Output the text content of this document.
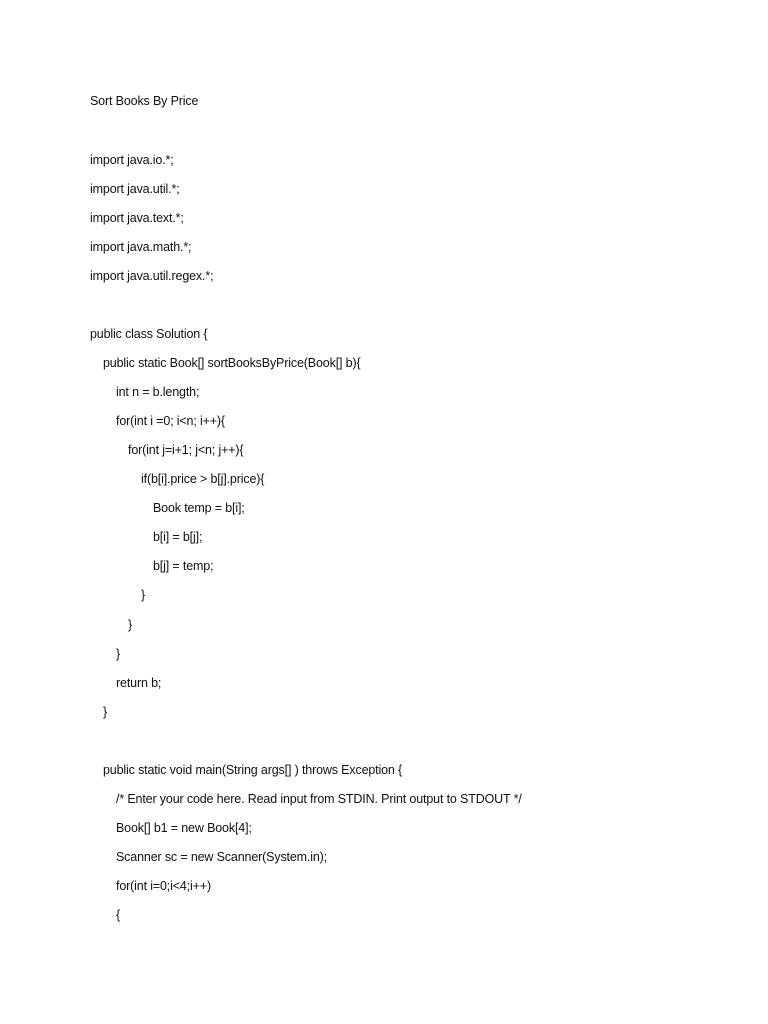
Sort Books By Price
import java.io.*;
import java.util.*;
import java.text.*;
import java.math.*;
import java.util.regex.*;
public class Solution {
public static Book[] sortBooksByPrice(Book[] b){
int n = b.length;
for(int i =0; i<n; i++){
for(int j=i+1; j<n; j++){
if(b[i].price > b[j].price){
Book temp = b[i];
b[i] = b[j];
b[j] = temp;
}
}
}
return b;
}
public static void main(String args[] ) throws Exception {
/* Enter your code here. Read input from STDIN. Print output to STDOUT */
Book[] b1 = new Book[4];
Scanner sc = new Scanner(System.in);
for(int i=0;i<4;i++)
{
